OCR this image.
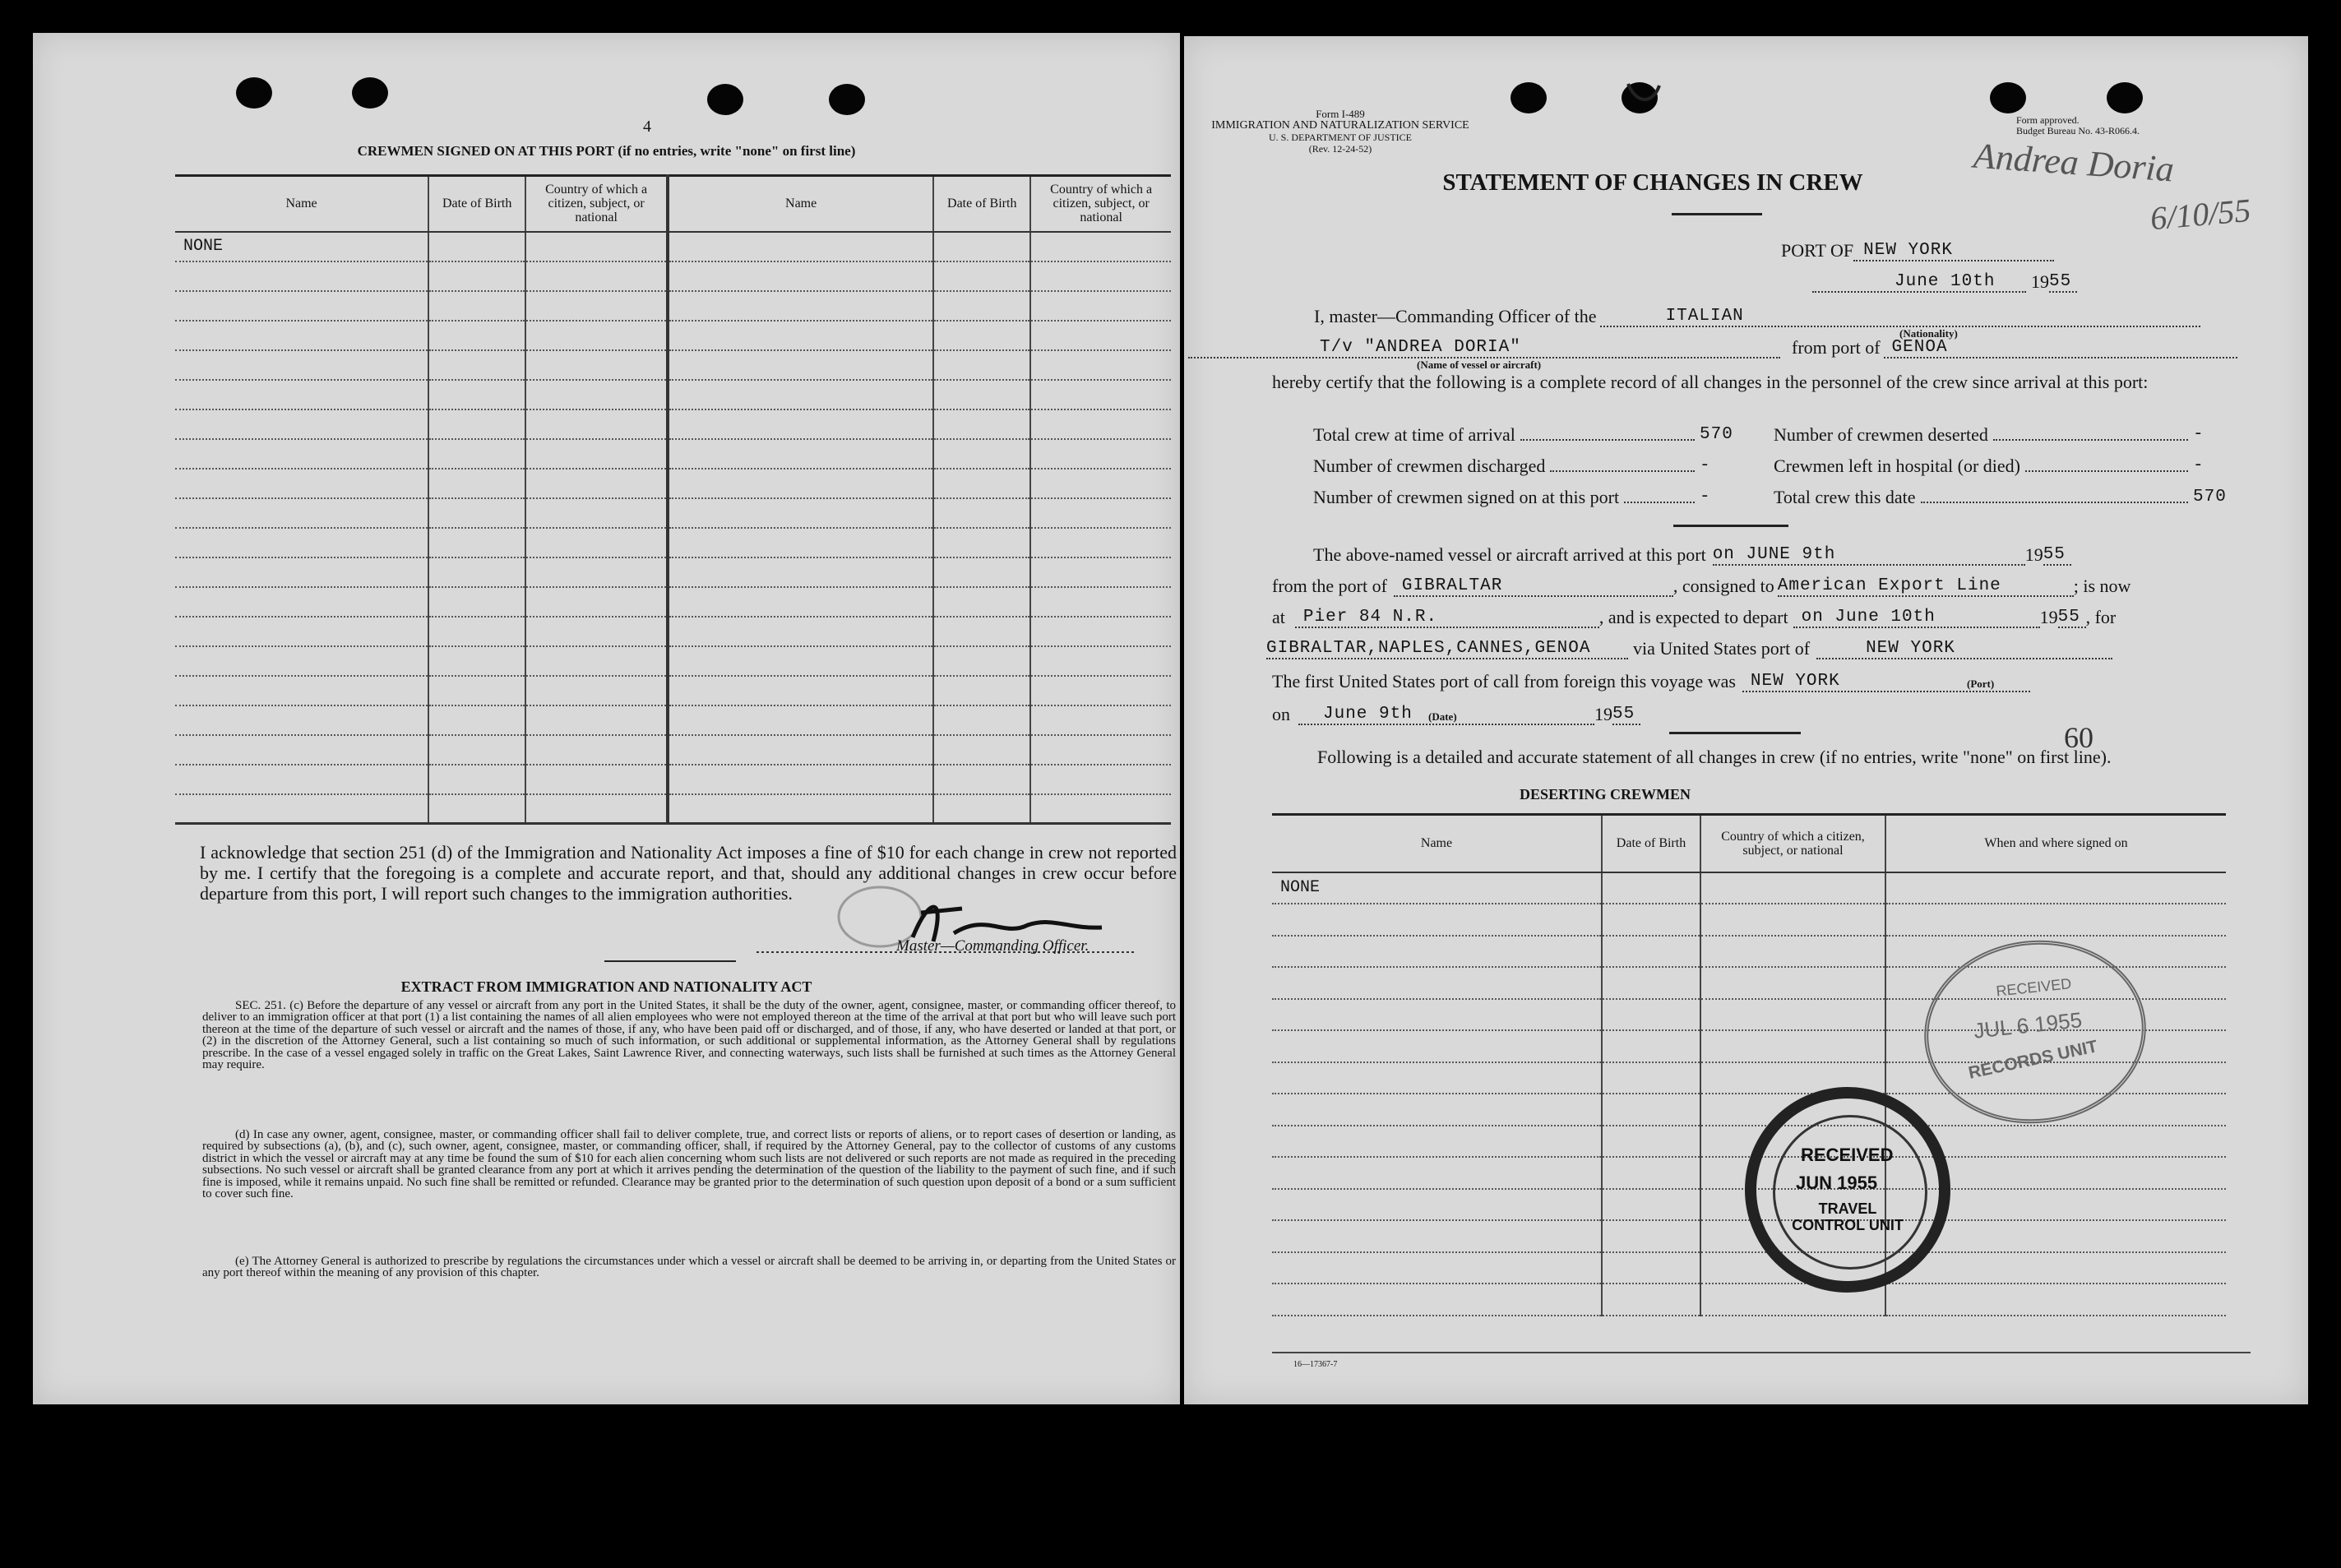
4
CREWMEN SIGNED ON AT THIS PORT (if no entries, write "none" on first line)
Name	Date of Birth	Country of which a citizen, subject, or national	Name	Date of Birth	Country of which a citizen, subject, or national
NONE					

I acknowledge that section 251 (d) of the Immigration and Nationality Act imposes a fine of $10 for each change in crew not reported by me. I certify that the foregoing is a complete and accurate report, and that, should any additional changes in crew occur before departure from this port, I will report such changes to the immigration authorities.
Master—Commanding Officer.
EXTRACT FROM IMMIGRATION AND NATIONALITY ACT
SEC. 251. (c) Before the departure of any vessel or aircraft from any port in the United States, it shall be the duty of the owner, agent, consignee, master, or commanding officer thereof, to deliver to an immigration officer at that port (1) a list containing the names of all alien employees who were not employed thereon at the time of the arrival at that port but who will leave such port thereon at the time of the departure of such vessel or aircraft and the names of those, if any, who have been paid off or discharged, and of those, if any, who have deserted or landed at that port, or (2) in the discretion of the Attorney General, such a list containing so much of such information, or such additional or supplemental information, as the Attorney General shall by regulations prescribe. In the case of a vessel engaged solely in traffic on the Great Lakes, Saint Lawrence River, and connecting waterways, such lists shall be furnished at such times as the Attorney General may require.
(d) In case any owner, agent, consignee, master, or commanding officer shall fail to deliver complete, true, and correct lists or reports of aliens, or to report cases of desertion or landing, as required by subsections (a), (b), and (c), such owner, agent, consignee, master, or commanding officer, shall, if required by the Attorney General, pay to the collector of customs of any customs district in which the vessel or aircraft may at any time be found the sum of $10 for each alien concerning whom such lists are not delivered or such reports are not made as required in the preceding subsections. No such vessel or aircraft shall be granted clearance from any port at which it arrives pending the determination of the question of the liability to the payment of such fine, and if such fine is imposed, while it remains unpaid. No such fine shall be remitted or refunded. Clearance may be granted prior to the determination of such question upon deposit of a bond or a sum sufficient to cover such fine.
(e) The Attorney General is authorized to prescribe by regulations the circumstances under which a vessel or aircraft shall be deemed to be arriving in, or departing from the United States or any port thereof within the meaning of any provision of this chapter.
Form I-489
IMMIGRATION AND NATURALIZATION SERVICE
U. S. DEPARTMENT OF JUSTICE
(Rev. 12-24-52)
Form approved.
Budget Bureau No. 43-R066.4.
Andrea Doria
6/10/55
STATEMENT OF CHANGES IN CREW
PORT OF NEW YORK
June 10th	19 55
I, master—Commanding Officer of the	ITALIAN
(Nationality)
T/v "ANDREA DORIA"	from port of GENOA
(Name of vessel or aircraft)
hereby certify that the following is a complete record of all changes in the personnel of the crew since arrival at this port:
Total crew at time of arrival	570	Number of crewmen deserted	-
Number of crewmen discharged	-	Crewmen left in hospital (or died)	-
Number of crewmen signed on at this port	-	Total crew this date	570
The above-named vessel or aircraft arrived at this port on JUNE 9th	19 55
from the port of GIBRALTAR	, consigned to American Export Line	; is now
at	Pier 84 N.R.	, and is expected to depart on June 10th	19 55 , for
GIBRALTAR,NAPLES,CANNES,GENOA	via United States port of	NEW YORK
The first United States port of call from foreign this voyage was NEW YORK	(Port)
on	June 9th	19 55
(Date)
60
Following is a detailed and accurate statement of all changes in crew (if no entries, write "none" on first line).
DESERTING CREWMEN
Name	Date of Birth	Country of which a citizen, subject, or national	When and where signed on
NONE			

RECEIVED
JUL 6 1955
RECORDS UNIT
RECEIVED
JUN 1955
TRAVEL CONTROL UNIT
16—17367-7
